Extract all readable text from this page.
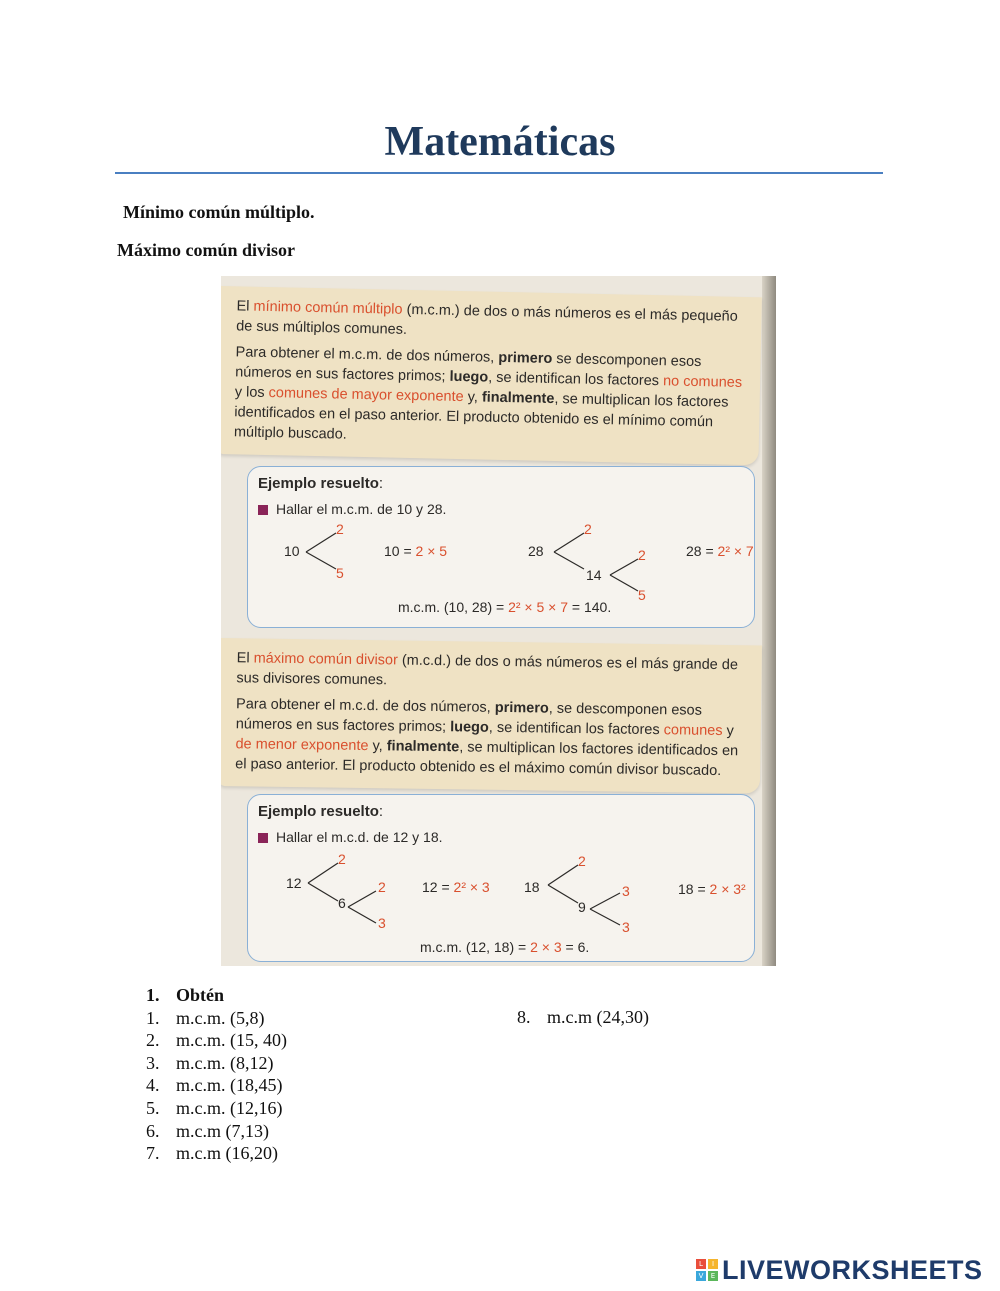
Matemáticas
Mínimo común múltiplo.
Máximo común divisor

El mínimo común múltiplo (m.c.m.) de dos o más números es el más pequeño de sus múltiplos comunes.

Para obtener el m.c.m. de dos números, primero se descomponen esos números en sus factores primos; luego, se identifican los factores no comunes y los comunes de mayor exponente y, finalmente, se multiplican los factores identificados en el paso anterior. El producto obtenido es el mínimo común múltiplo buscado.

Ejemplo resuelto:
Hallar el m.c.m. de 10 y 28.
10
2
5
10 = 2 × 5	28
2
14
2
5
28 = 2² × 7
m.c.m. (10, 28) = 2² × 5 × 7 = 140.

El máximo común divisor (m.c.d.) de dos o más números es el más grande de sus divisores comunes.

Para obtener el m.c.d. de dos números, primero, se descomponen esos números en sus factores primos; luego, se identifican los factores comunes y de menor exponente y, finalmente, se multiplican los factores identificados en el paso anterior. El producto obtenido es el máximo común divisor buscado.

Ejemplo resuelto:
Hallar el m.c.d. de 12 y 18.
12
2
6
2
3
12 = 2² × 3 18
2
9
3
3
18 = 2 × 3²
m.c.m. (12, 18) = 2 × 3 = 6.
1. Obtén
1. m.c.m. (5,8)
2. m.c.m. (15, 40)
3. m.c.m. (8,12)
4. m.c.m. (18,45)
5. m.c.m. (12,16)
6. m.c.m (7,13)
7. m.c.m (16,20)
8. m.c.m (24,30)
L	I
V	E LIVEWORKSHEETS
